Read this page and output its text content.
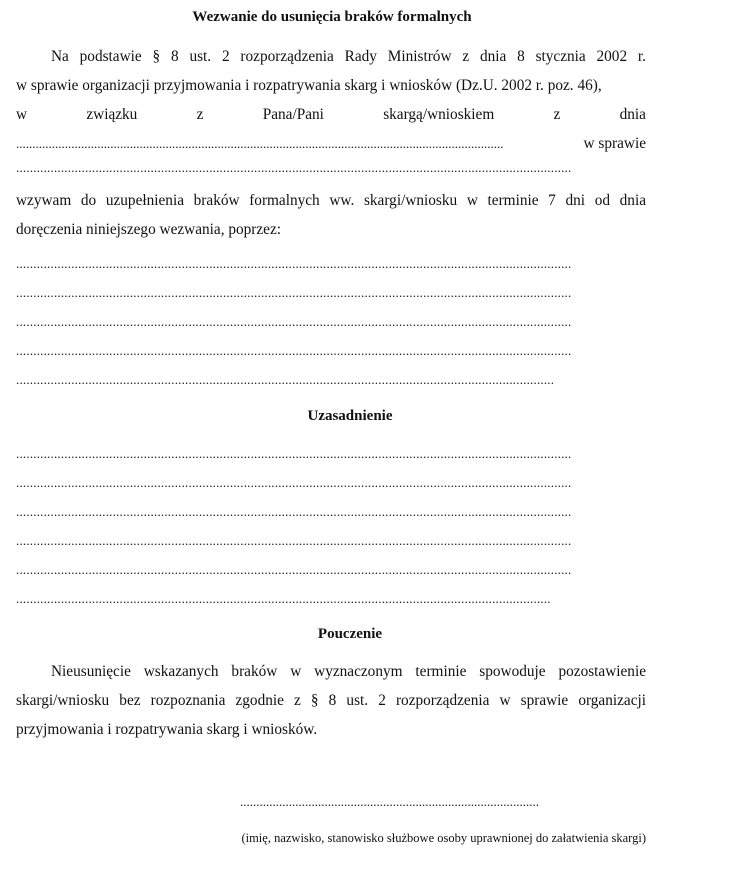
Wezwanie do usunięcia braków formalnych
Na podstawie § 8 ust. 2 rozporządzenia Rady Ministrów z dnia 8 stycznia 2002 r.
w sprawie organizacji przyjmowania i rozpatrywania skarg i wniosków (Dz.U. 2002 r. poz. 46),
w	związku	z	Pana/Pani	skargą/wnioskiem	z	dnia
......................................................................................................................................................	w sprawie
.................................................................................................................................................................
wzywam do uzupełnienia braków formalnych ww. skargi/wniosku w terminie 7 dni od dnia
doręczenia niniejszego wezwania, poprzez:
.................................................................................................................................................................
.................................................................................................................................................................
.................................................................................................................................................................
.................................................................................................................................................................
............................................................................................................................................................
Uzasadnienie
.................................................................................................................................................................
.................................................................................................................................................................
.................................................................................................................................................................
.................................................................................................................................................................
.................................................................................................................................................................
...........................................................................................................................................................
Pouczenie
Nieusunięcie wskazanych braków w wyznaczonym terminie spowoduje pozostawienie
skargi/wniosku bez rozpoznania zgodnie z § 8 ust. 2 rozporządzenia w sprawie organizacji
przyjmowania i rozpatrywania skarg i wniosków.
............................................................................................
(imię, nazwisko, stanowisko służbowe osoby uprawnionej do załatwienia skargi)
